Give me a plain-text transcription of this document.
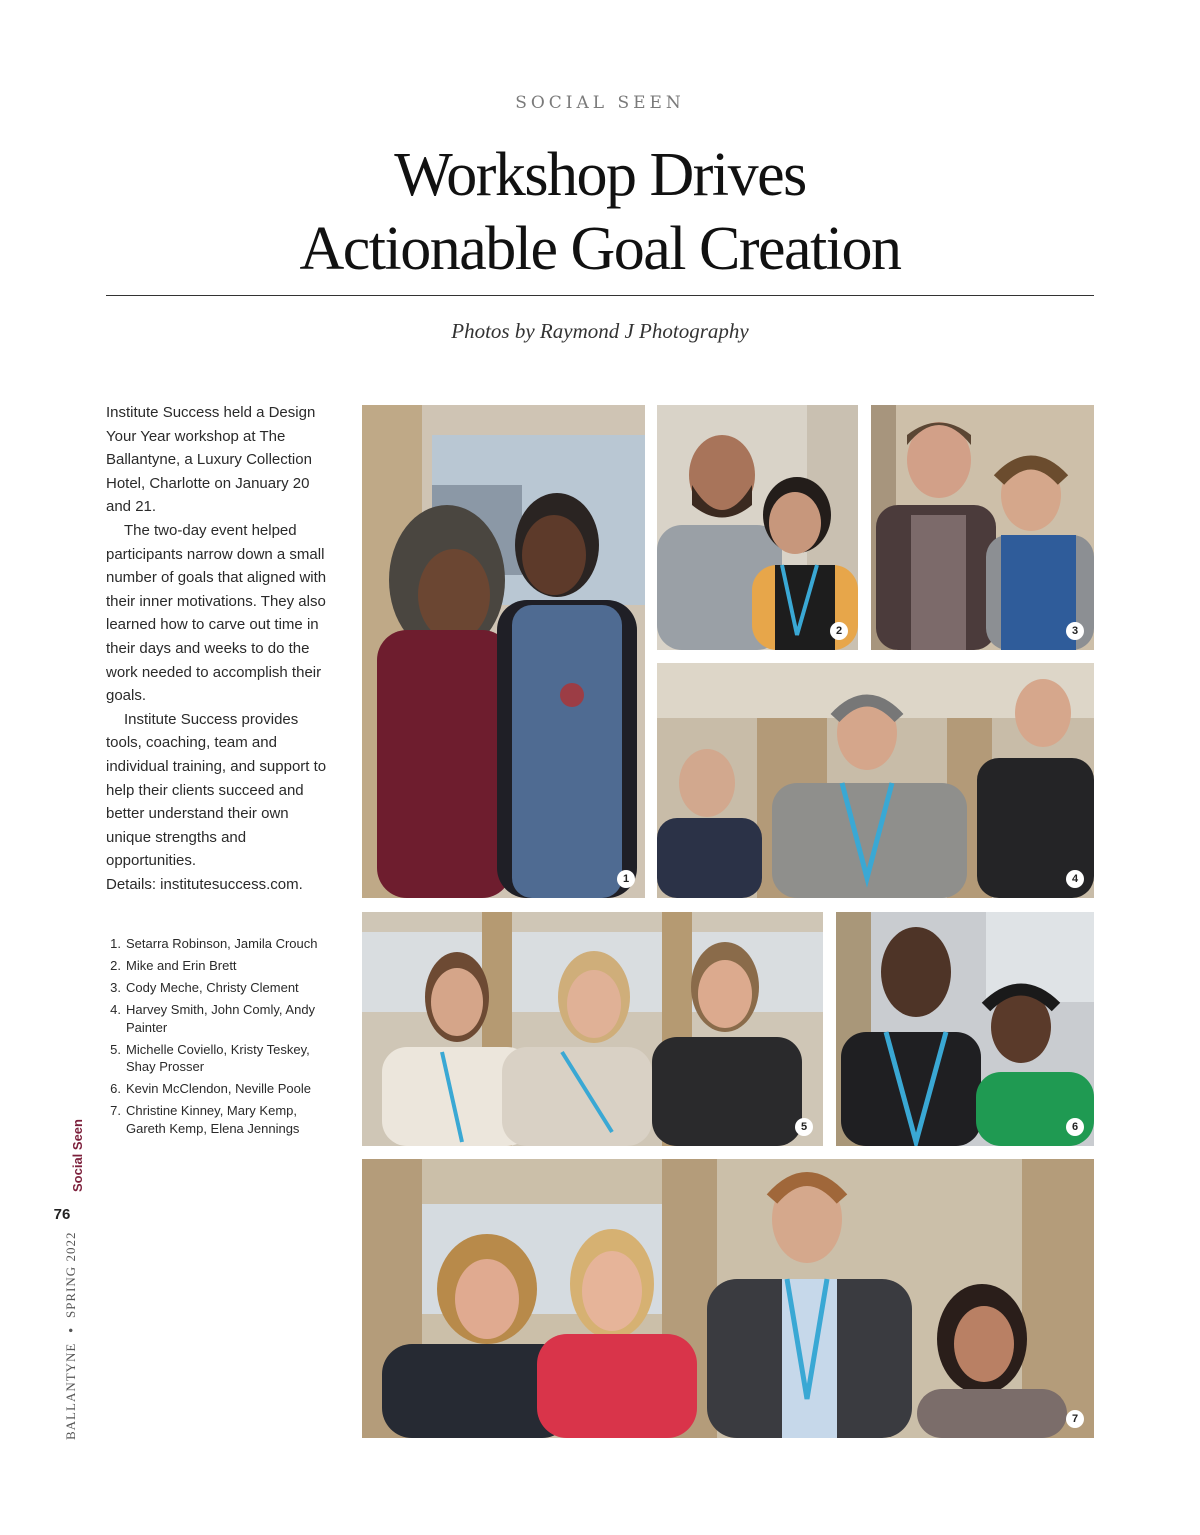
SOCIAL SEEN
Workshop Drives
Actionable Goal Creation
Photos by Raymond J Photography

Institute Success held a Design Your Year workshop at The Ballantyne, a Luxury Collection Hotel, Charlotte on January 20 and 21.

The two-day event helped participants narrow down a small number of goals that aligned with their inner motivations. They also learned how to carve out time in their days and weeks to do the work needed to accomplish their goals.

Institute Success provides tools, coaching, team and individual training, and support to help their clients succeed and better understand their own unique strengths and opportunities.

Details: institutesuccess.com.

1. Setarra Robinson, Jamila Crouch
2. Mike and Erin Brett
3. Cody Meche, Christy Clement
4. Harvey Smith, John Comly, Andy Painter
5. Michelle Coviello, Kristy Teskey, Shay Prosser
6. Kevin McClendon, Neville Poole
7. Christine Kinney, Mary Kemp, Gareth Kemp, Elena Jennings
1
2	3
4
5	6
7
Social Seen
76
BALLANTYNE•SPRING 2022
